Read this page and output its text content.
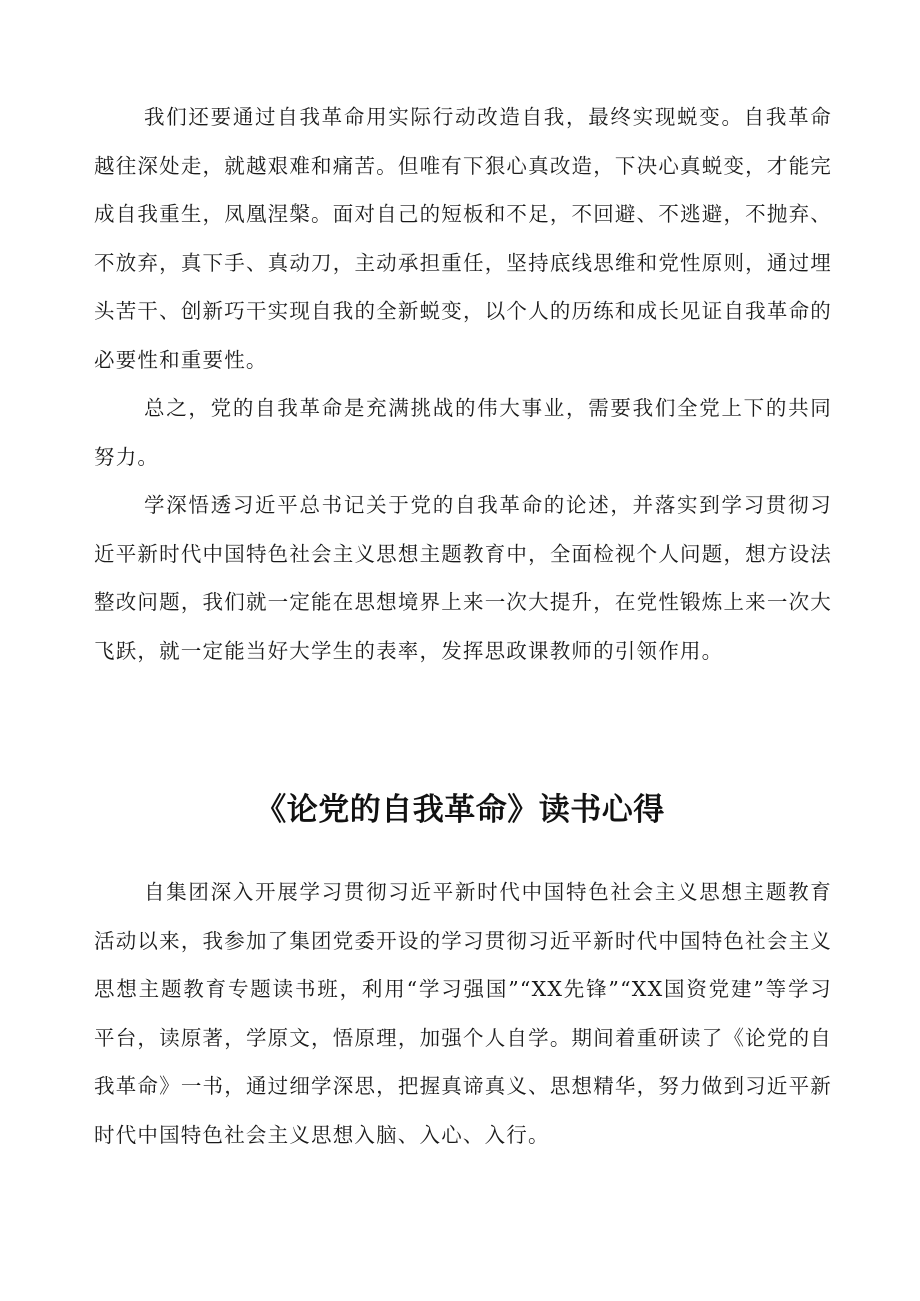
我们还要通过自我革命用实际行动改造自我，最终实现蜕变。自我革命越往深处走，就越艰难和痛苦。但唯有下狠心真改造，下决心真蜕变，才能完成自我重生，凤凰涅槃。面对自己的短板和不足，不回避、不逃避，不抛弃、不放弃，真下手、真动刀，主动承担重任，坚持底线思维和党性原则，通过埋头苦干、创新巧干实现自我的全新蜕变，以个人的历练和成长见证自我革命的必要性和重要性。

总之，党的自我革命是充满挑战的伟大事业，需要我们全党上下的共同努力。

学深悟透习近平总书记关于党的自我革命的论述，并落实到学习贯彻习近平新时代中国特色社会主义思想主题教育中，全面检视个人问题，想方设法整改问题，我们就一定能在思想境界上来一次大提升，在党性锻炼上来一次大飞跃，就一定能当好大学生的表率，发挥思政课教师的引领作用。

《论党的自我革命》读书心得

自集团深入开展学习贯彻习近平新时代中国特色社会主义思想主题教育活动以来，我参加了集团党委开设的学习贯彻习近平新时代中国特色社会主义思想主题教育专题读书班，利用“学习强国”“XX先锋”“XX国资党建”等学习平台，读原著，学原文，悟原理，加强个人自学。期间着重研读了《论党的自我革命》一书，通过细学深思，把握真谛真义、思想精华，努力做到习近平新时代中国特色社会主义思想入脑、入心、入行。
